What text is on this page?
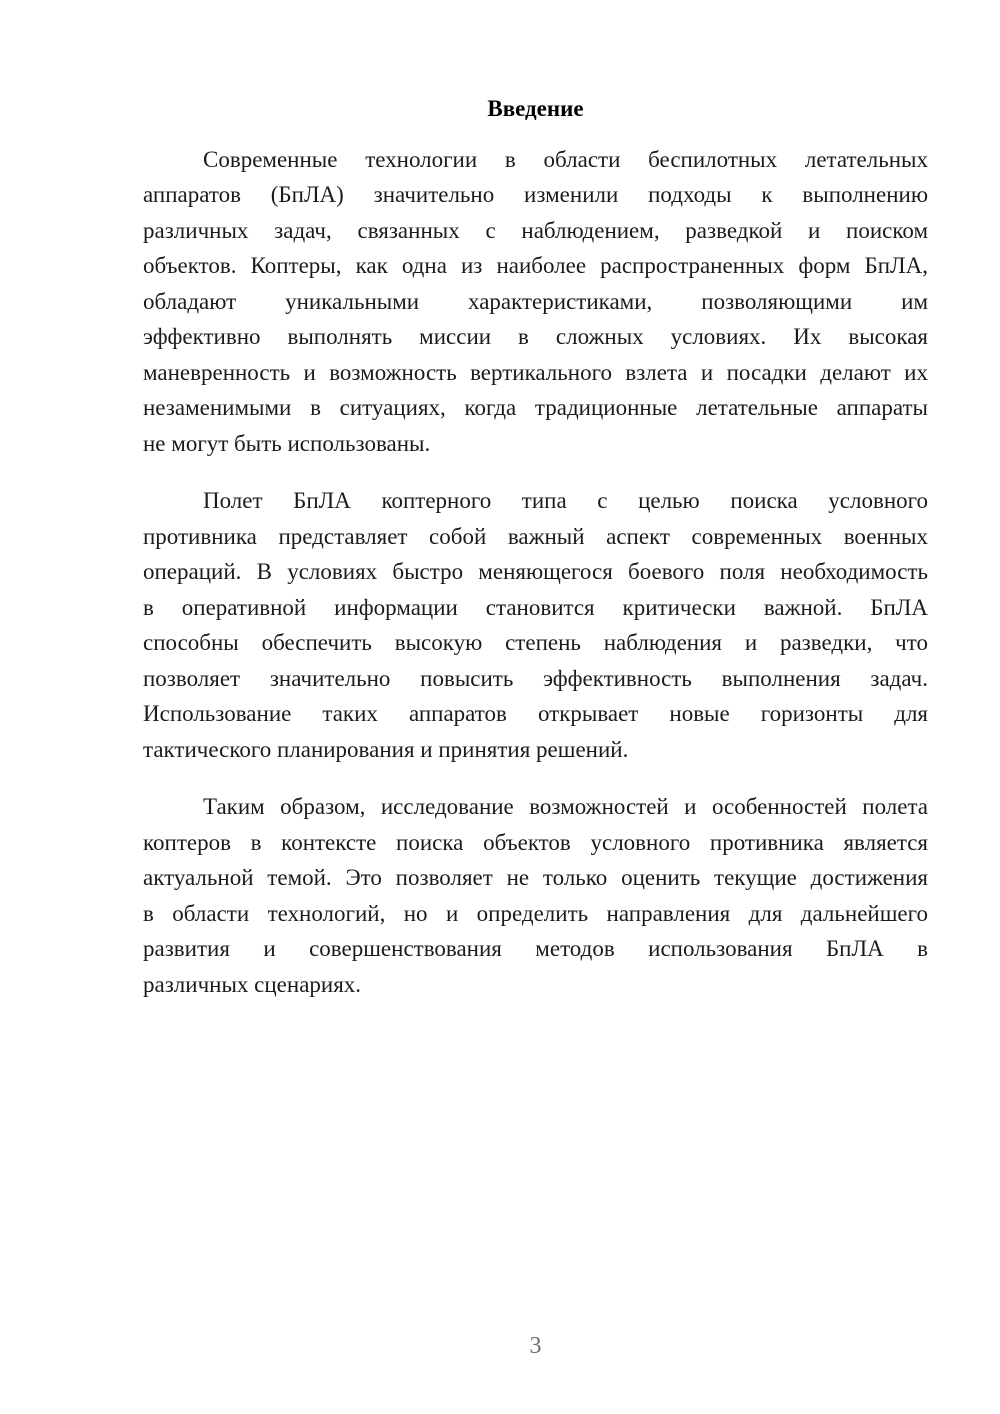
Введение
Современные технологии в области беспилотных летательных
аппаратов (БпЛА) значительно изменили подходы к выполнению
различных задач, связанных с наблюдением, разведкой и поиском
объектов. Коптеры, как одна из наиболее распространенных форм БпЛА,
обладают уникальными характеристиками, позволяющими им
эффективно выполнять миссии в сложных условиях. Их высокая
маневренность и возможность вертикального взлета и посадки делают их
незаменимыми в ситуациях, когда традиционные летательные аппараты
не могут быть использованы.
Полет БпЛА коптерного типа с целью поиска условного
противника представляет собой важный аспект современных военных
операций. В условиях быстро меняющегося боевого поля необходимость
в оперативной информации становится критически важной. БпЛА
способны обеспечить высокую степень наблюдения и разведки, что
позволяет значительно повысить эффективность выполнения задач.
Использование таких аппаратов открывает новые горизонты для
тактического планирования и принятия решений.
Таким образом, исследование возможностей и особенностей полета
коптеров в контексте поиска объектов условного противника является
актуальной темой. Это позволяет не только оценить текущие достижения
в области технологий, но и определить направления для дальнейшего
развития и совершенствования методов использования БпЛА в
различных сценариях.
3
